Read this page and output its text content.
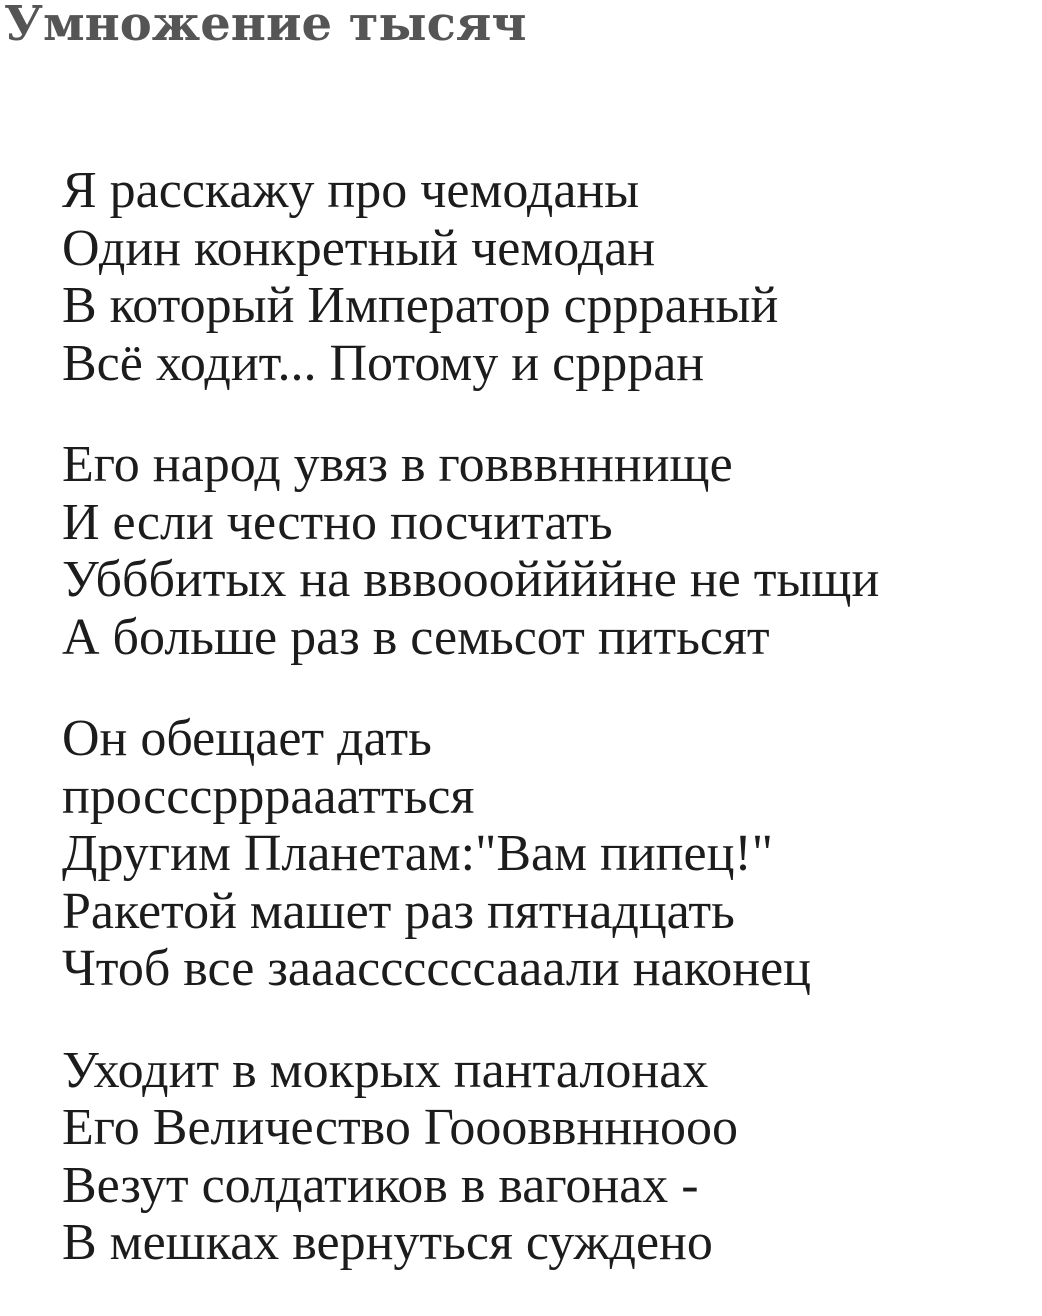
Умножение тысяч
Я расскажу про чемоданы
Один конкретный чемодан
В который Император сррраный
Всё ходит... Потому и сррран
Его народ увяз в говввнннище
И если честно посчитать
Убббитых на вввоооййййне не тыщи
А больше раз в семьсот питьсят
Он обещает дать
просссрррааатться
Другим Планетам:"Вам пипец!"
Ракетой машет раз пятнадцать
Чтоб все зааассссссааали наконец
Уходит в мокрых панталонах
Его Величество Гоооввнннооо
Везут солдатиков в вагонах -
В мешках вернуться суждено
